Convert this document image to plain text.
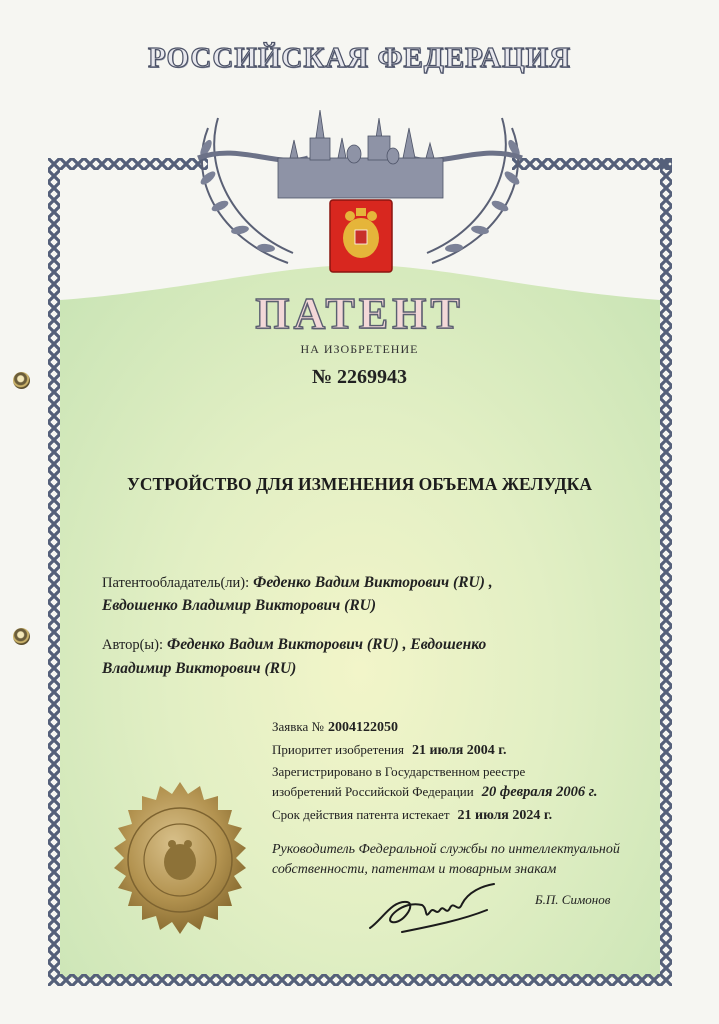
РОССИЙСКАЯ ФЕДЕРАЦИЯ
ПАТЕНТ
НА ИЗОБРЕТЕНИЕ
№ 2269943
УСТРОЙСТВО ДЛЯ ИЗМЕНЕНИЯ ОБЪЕМА ЖЕЛУДКА
Патентообладатель(ли): Феденко Вадим Викторович (RU) ,
Евдошенко Владимир Викторович (RU)
Автор(ы): Феденко Вадим Викторович (RU) , Евдошенко
Владимир Викторович (RU)
Заявка № 2004122050
Приоритет изобретения 21 июля 2004 г.
Зарегистрировано в Государственном реестре
изобретений Российской Федерации 20 февраля 2006 г.
Срок действия патента истекает 21 июля 2024 г.
Руководитель Федеральной службы по интеллектуальной
собственности, патентам и товарным знакам
Б.П. Симонов
